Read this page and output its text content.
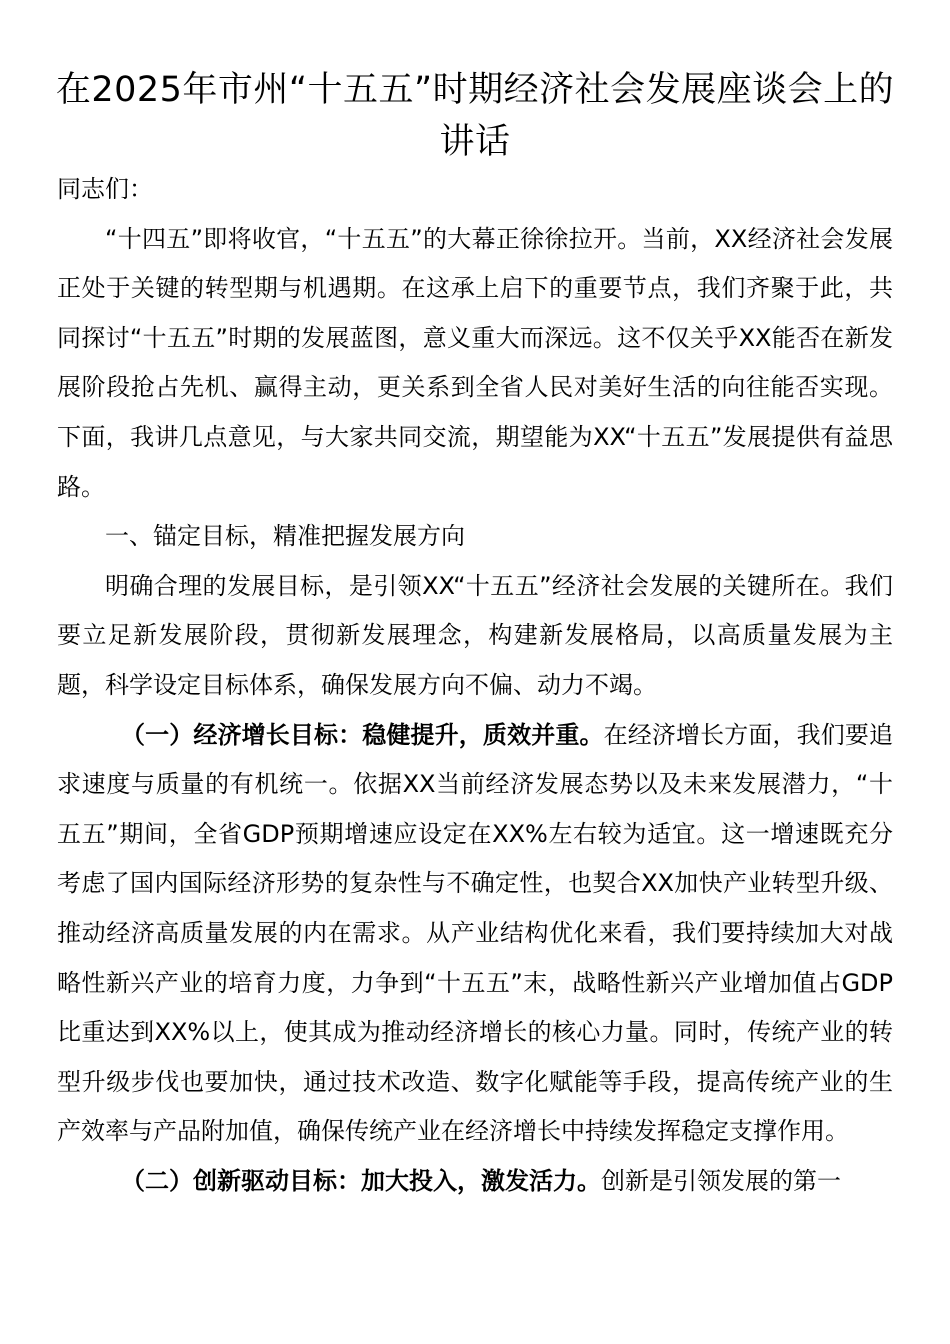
在2025年市州“十五五”时期经济社会发展座谈会上的讲话

同志们：

“十四五”即将收官，“十五五”的大幕正徐徐拉开。当前，XX经济社会发展正处于关键的转型期与机遇期。在这承上启下的重要节点，我们齐聚于此，共同探讨“十五五”时期的发展蓝图，意义重大而深远。这不仅关乎XX能否在新发展阶段抢占先机、赢得主动，更关系到全省人民对美好生活的向往能否实现。下面，我讲几点意见，与大家共同交流，期望能为XX“十五五”发展提供有益思路。

一、锚定目标，精准把握发展方向

明确合理的发展目标，是引领XX“十五五”经济社会发展的关键所在。我们要立足新发展阶段，贯彻新发展理念，构建新发展格局，以高质量发展为主题，科学设定目标体系，确保发展方向不偏、动力不竭。

（一）经济增长目标：稳健提升，质效并重。在经济增长方面，我们要追求速度与质量的有机统一。依据XX当前经济发展态势以及未来发展潜力，“十五五”期间，全省GDP预期增速应设定在XX%左右较为适宜。这一增速既充分考虑了国内国际经济形势的复杂性与不确定性，也契合XX加快产业转型升级、推动经济高质量发展的内在需求。从产业结构优化来看，我们要持续加大对战略性新兴产业的培育力度，力争到“十五五”末，战略性新兴产业增加值占GDP比重达到XX%以上，使其成为推动经济增长的核心力量。同时，传统产业的转型升级步伐也要加快，通过技术改造、数字化赋能等手段，提高传统产业的生产效率与产品附加值，确保传统产业在经济增长中持续发挥稳定支撑作用。

（二）创新驱动目标：加大投入，激发活力。创新是引领发展的第一
